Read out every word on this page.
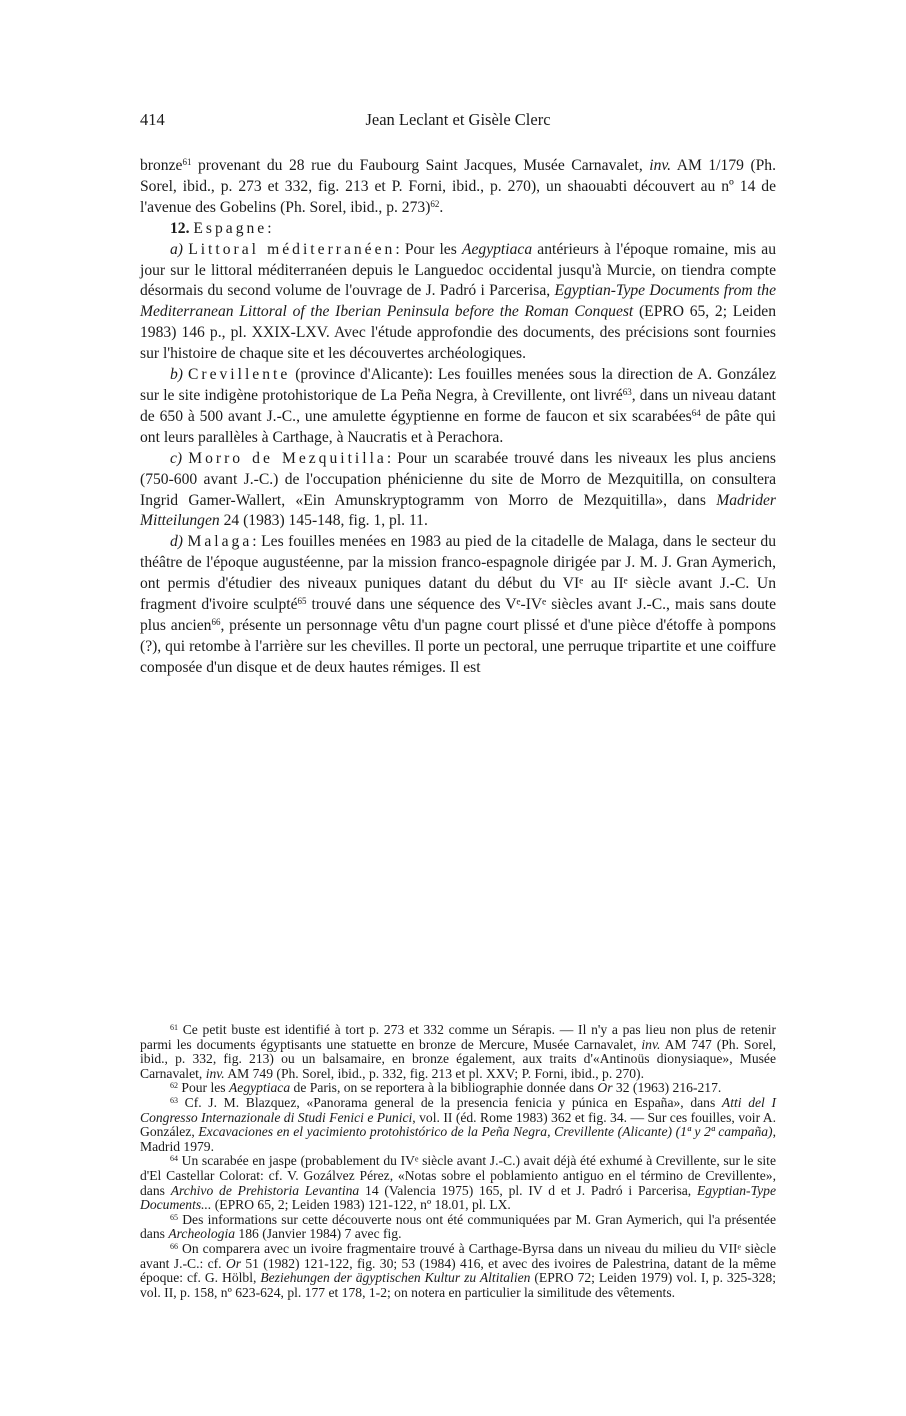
414	Jean Leclant et Gisèle Clerc

bronze$^{61}$ provenant du 28 rue du Faubourg Saint Jacques, Musée Carnavalet, inv. AM 1/179 (Ph. Sorel, ibid., p. 273 et 332, fig. 213 et P. Forni, ibid., p. 270), un shaouabti découvert au nº 14 de l'avenue des Gobelins (Ph. Sorel, ibid., p. 273)$^{62}$.

12. Espagne:

a) Littoral méditerranéen: Pour les Aegyptiaca antérieurs à l'époque romaine, mis au jour sur le littoral méditerranéen depuis le Languedoc occidental jusqu'à Murcie, on tiendra compte désormais du second volume de l'ouvrage de J. Padró i Parcerisa, Egyptian-Type Documents from the Mediterranean Littoral of the Iberian Peninsula before the Roman Conquest (EPRO 65, 2; Leiden 1983) 146 p., pl. XXIX-LXV. Avec l'étude approfondie des documents, des précisions sont fournies sur l'histoire de chaque site et les découvertes archéologiques.

b) Crevillente (province d'Alicante): Les fouilles menées sous la direction de A. González sur le site indigène protohistorique de La Peña Negra, à Crevillente, ont livré$^{63}$, dans un niveau datant de 650 à 500 avant J.-C., une amulette égyptienne en forme de faucon et six scarabées$^{64}$ de pâte qui ont leurs parallèles à Carthage, à Naucratis et à Perachora.

c) Morro de Mezquitilla: Pour un scarabée trouvé dans les niveaux les plus anciens (750-600 avant J.-C.) de l'occupation phénicienne du site de Morro de Mezquitilla, on consultera Ingrid Gamer-Wallert, «Ein Amunskryptogramm von Morro de Mezquitilla», dans Madrider Mitteilungen 24 (1983) 145-148, fig. 1, pl. 11.

d) Malaga: Les fouilles menées en 1983 au pied de la citadelle de Malaga, dans le secteur du théâtre de l'époque augustéenne, par la mission franco-espagnole dirigée par J. M. J. Gran Aymerich, ont permis d'étudier des niveaux puniques datant du début du VIᵉ au IIᵉ siècle avant J.-C. Un fragment d'ivoire sculpté$^{65}$ trouvé dans une séquence des Vᵉ-IVᵉ siècles avant J.-C., mais sans doute plus ancien$^{66}$, présente un personnage vêtu d'un pagne court plissé et d'une pièce d'étoffe à pompons (?), qui retombe à l'arrière sur les chevilles. Il porte un pectoral, une perruque tripartite et une coiffure composée d'un disque et de deux hautes rémiges. Il est

$^{61}$ Ce petit buste est identifié à tort p. 273 et 332 comme un Sérapis. — Il n'y a pas lieu non plus de retenir parmi les documents égyptisants une statuette en bronze de Mercure, Musée Carnavalet, inv. AM 747 (Ph. Sorel, ibid., p. 332, fig. 213) ou un balsamaire, en bronze également, aux traits d'«Antinoüs dionysiaque», Musée Carnavalet, inv. AM 749 (Ph. Sorel, ibid., p. 332, fig. 213 et pl. XXV; P. Forni, ibid., p. 270).

$^{62}$ Pour les Aegyptiaca de Paris, on se reportera à la bibliographie donnée dans Or 32 (1963) 216-217.

$^{63}$ Cf. J. M. Blazquez, «Panorama general de la presencia fenicia y púnica en España», dans Atti del I Congresso Internazionale di Studi Fenici e Punici, vol. II (éd. Rome 1983) 362 et fig. 34. — Sur ces fouilles, voir A. González, Excavaciones en el yacimiento protohistórico de la Peña Negra, Crevillente (Alicante) (1ª y 2ª campaña), Madrid 1979.

$^{64}$ Un scarabée en jaspe (probablement du IVᵉ siècle avant J.-C.) avait déjà été exhumé à Crevillente, sur le site d'El Castellar Colorat: cf. V. Gozálvez Pérez, «Notas sobre el poblamiento antiguo en el término de Crevillente», dans Archivo de Prehistoria Levantina 14 (Valencia 1975) 165, pl. IV d et J. Padró i Parcerisa, Egyptian-Type Documents... (EPRO 65, 2; Leiden 1983) 121-122, nº 18.01, pl. LX.

$^{65}$ Des informations sur cette découverte nous ont été communiquées par M. Gran Aymerich, qui l'a présentée dans Archeologia 186 (Janvier 1984) 7 avec fig.

$^{66}$ On comparera avec un ivoire fragmentaire trouvé à Carthage-Byrsa dans un niveau du milieu du VIIᵉ siècle avant J.-C.: cf. Or 51 (1982) 121-122, fig. 30; 53 (1984) 416, et avec des ivoires de Palestrina, datant de la même époque: cf. G. Hölbl, Beziehungen der ägyptischen Kultur zu Altitalien (EPRO 72; Leiden 1979) vol. I, p. 325-328; vol. II, p. 158, nº 623-624, pl. 177 et 178, 1-2; on notera en particulier la similitude des vêtements.
